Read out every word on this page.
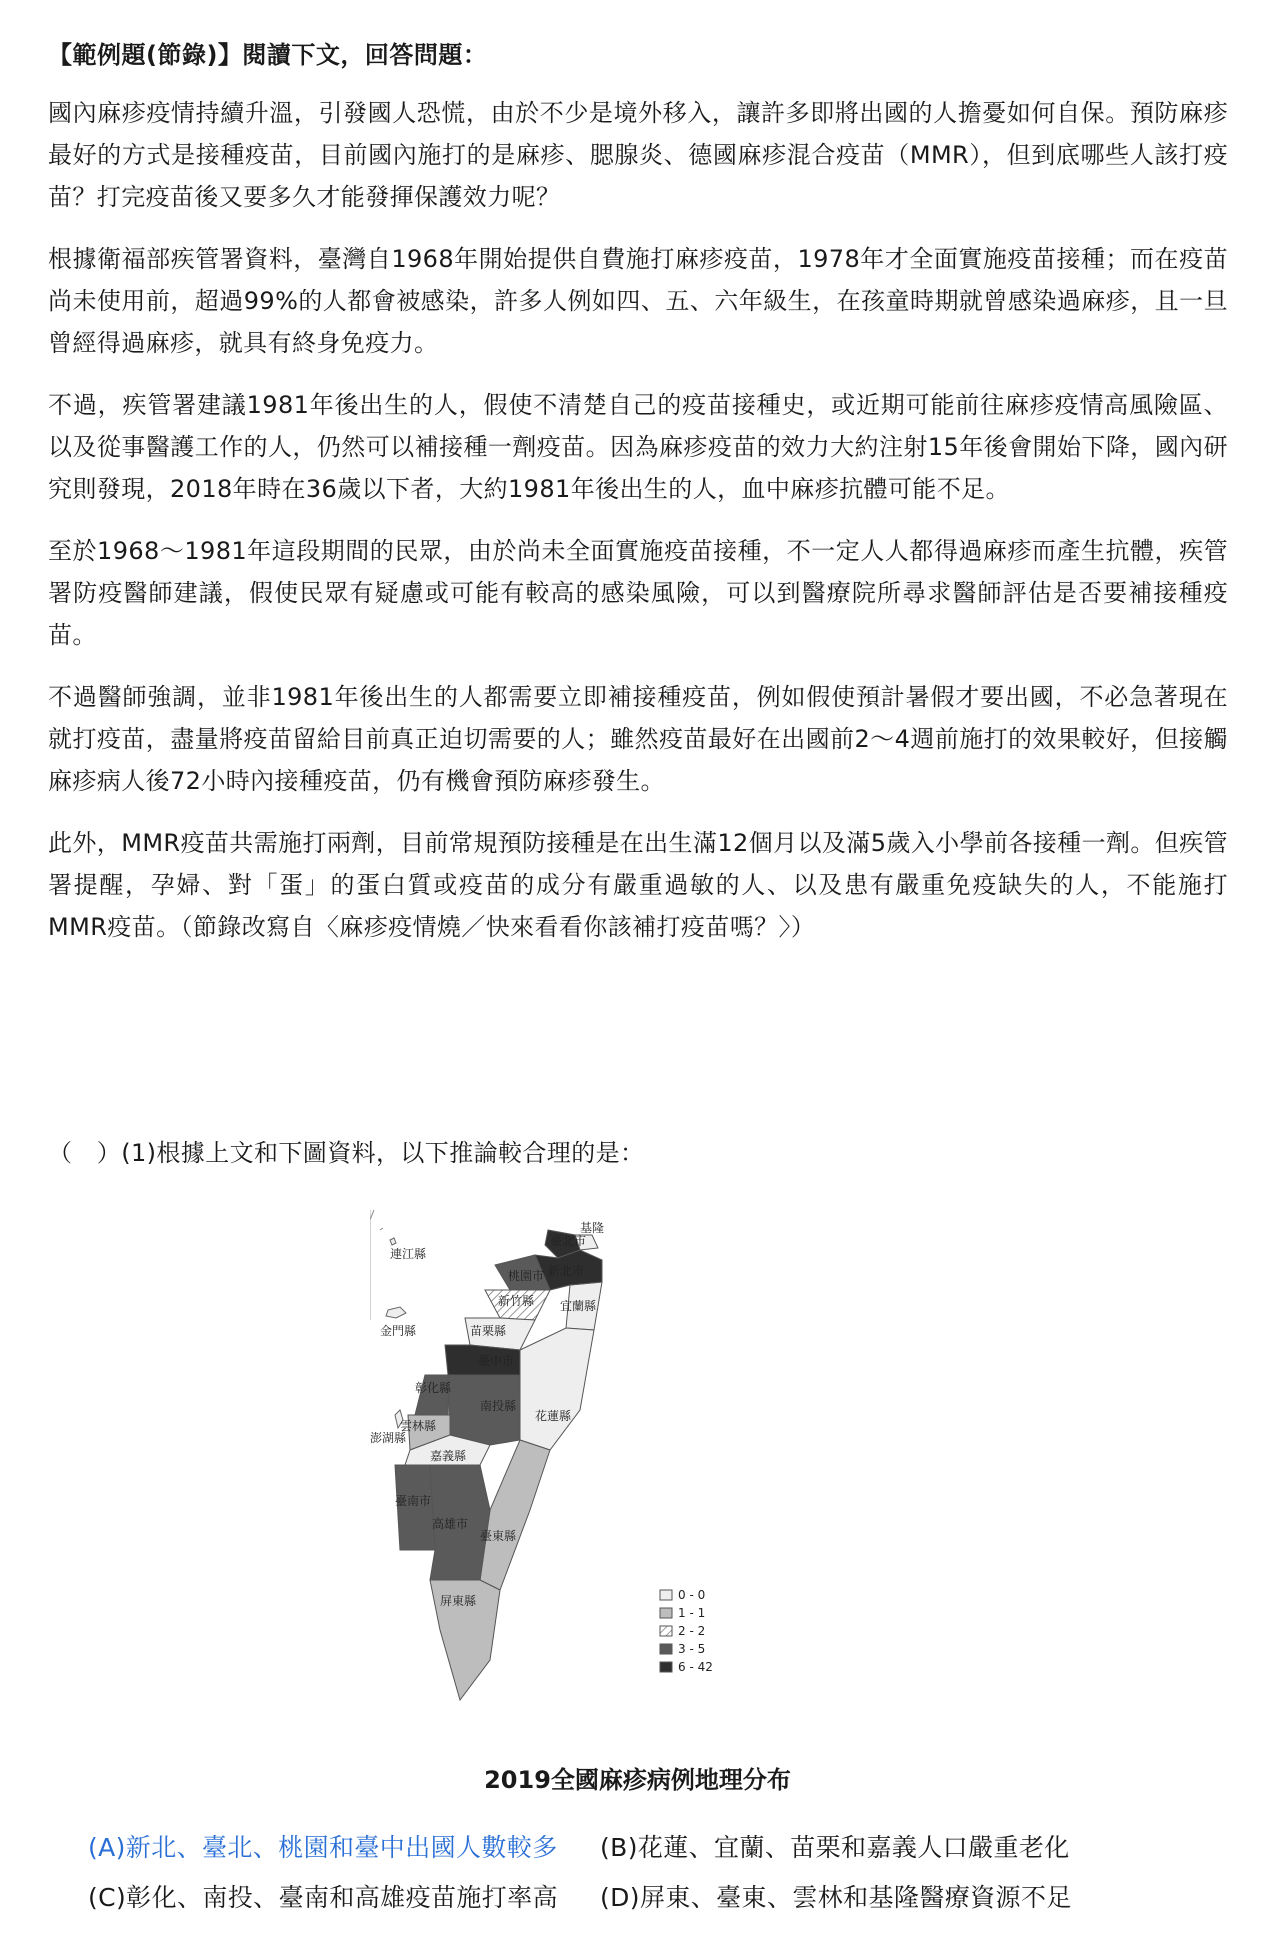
【範例題(節錄)】閱讀下文，回答問題：

國內麻疹疫情持續升溫，引發國人恐慌，由於不少是境外移入，讓許多即將出國的人擔憂如何自保。預防麻疹最好的方式是接種疫苗，目前國內施打的是麻疹、腮腺炎、德國麻疹混合疫苗（MMR），但到底哪些人該打疫苗？打完疫苗後又要多久才能發揮保護效力呢？

根據衛福部疾管署資料，臺灣自1968年開始提供自費施打麻疹疫苗，1978年才全面實施疫苗接種；而在疫苗尚未使用前，超過99%的人都會被感染，許多人例如四、五、六年級生，在孩童時期就曾感染過麻疹，且一旦曾經得過麻疹，就具有終身免疫力。

不過，疾管署建議1981年後出生的人，假使不清楚自己的疫苗接種史，或近期可能前往麻疹疫情高風險區、以及從事醫護工作的人，仍然可以補接種一劑疫苗。因為麻疹疫苗的效力大約注射15年後會開始下降，國內研究則發現，2018年時在36歲以下者，大約1981年後出生的人，血中麻疹抗體可能不足。

至於1968～1981年這段期間的民眾，由於尚未全面實施疫苗接種，不一定人人都得過麻疹而產生抗體，疾管署防疫醫師建議，假使民眾有疑慮或可能有較高的感染風險，可以到醫療院所尋求醫師評估是否要補接種疫苗。

不過醫師強調，並非1981年後出生的人都需要立即補接種疫苗，例如假使預計暑假才要出國，不必急著現在就打疫苗，盡量將疫苗留給目前真正迫切需要的人；雖然疫苗最好在出國前2～4週前施打的效果較好，但接觸麻疹病人後72小時內接種疫苗，仍有機會預防麻疹發生。

此外，MMR疫苗共需施打兩劑，目前常規預防接種是在出生滿12個月以及滿5歲入小學前各接種一劑。但疾管署提醒，孕婦、對「蛋」的蛋白質或疫苗的成分有嚴重過敏的人、以及患有嚴重免疫缺失的人，不能施打MMR疫苗。（節錄改寫自〈麻疹疫情燒／快來看看你該補打疫苗嗎？〉）

（　）(1)根據上文和下圖資料，以下推論較合理的是：
連江縣
金門縣
澎湖縣
基隆
臺北市
新北市
桃園市
新竹縣 宜蘭縣
苗栗縣
臺中市
彰化縣
南投縣
花蓮縣
雲林縣
嘉義縣
臺南市
高雄市
臺東縣
屏東縣	0 - 0
1 - 1
2 - 2
3 - 5
6 - 42
2019全國麻疹病例地理分布
(A)新北、臺北、桃園和臺中出國人數較多 (B)花蓮、宜蘭、苗栗和嘉義人口嚴重老化
(C)彰化、南投、臺南和高雄疫苗施打率高 (D)屏東、臺東、雲林和基隆醫療資源不足
